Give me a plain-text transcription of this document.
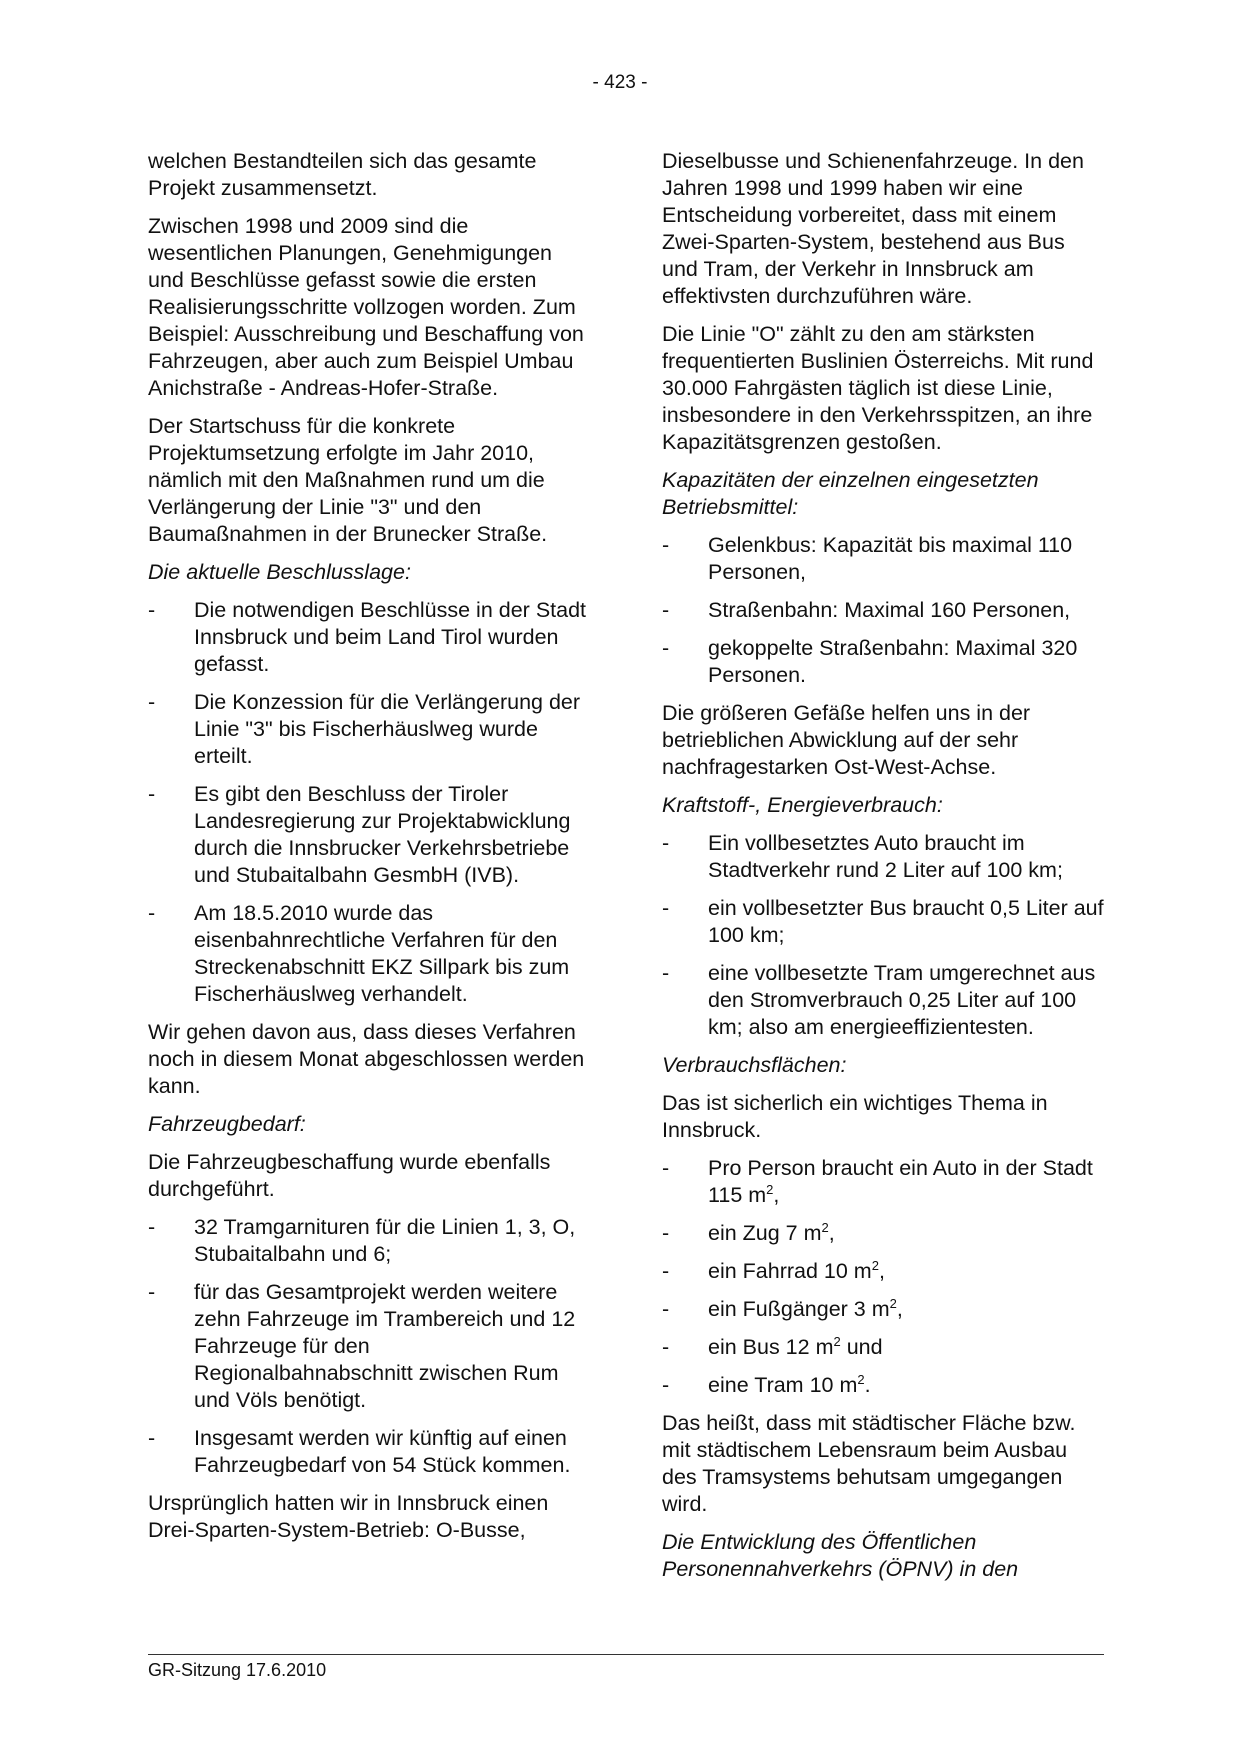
- 423 -

welchen Bestandteilen sich das gesamte Projekt zusammensetzt.

Zwischen 1998 und 2009 sind die wesentlichen Planungen, Genehmigungen und Beschlüsse gefasst sowie die ersten Realisierungsschritte vollzogen worden. Zum Beispiel: Ausschreibung und Beschaffung von Fahrzeugen, aber auch zum Beispiel Umbau Anichstraße - Andreas-Hofer-Straße.

Der Startschuss für die konkrete Projektumsetzung erfolgte im Jahr 2010, nämlich mit den Maßnahmen rund um die Verlängerung der Linie "3" und den Baumaßnahmen in der Brunecker Straße.

Die aktuelle Beschlusslage:

-	Die notwendigen Beschlüsse in der Stadt Innsbruck und beim Land Tirol wurden gefasst.
-	Die Konzession für die Verlängerung der Linie "3" bis Fischerhäuslweg wurde erteilt.
-	Es gibt den Beschluss der Tiroler Landesregierung zur Projektabwicklung durch die Innsbrucker Verkehrsbetriebe und Stubaitalbahn GesmbH (IVB).
-	Am 18.5.2010 wurde das eisenbahnrechtliche Verfahren für den Streckenabschnitt EKZ Sillpark bis zum Fischerhäuslweg verhandelt.

Wir gehen davon aus, dass dieses Verfahren noch in diesem Monat abgeschlossen werden kann.

Fahrzeugbedarf:

Die Fahrzeugbeschaffung wurde ebenfalls durchgeführt.

-	32 Tramgarnituren für die Linien 1, 3, O, Stubaitalbahn und 6;
-	für das Gesamtprojekt werden weitere zehn Fahrzeuge im Trambereich und 12 Fahrzeuge für den Regionalbahnabschnitt zwischen Rum und Völs benötigt.
-	Insgesamt werden wir künftig auf einen Fahrzeugbedarf von 54 Stück kommen.

Ursprünglich hatten wir in Innsbruck einen Drei-Sparten-System-Betrieb: O-Busse,

Dieselbusse und Schienenfahrzeuge. In den Jahren 1998 und 1999 haben wir eine Entscheidung vorbereitet, dass mit einem Zwei-Sparten-System, bestehend aus Bus und Tram, der Verkehr in Innsbruck am effektivsten durchzuführen wäre.

Die Linie "O" zählt zu den am stärksten frequentierten Buslinien Österreichs. Mit rund 30.000 Fahrgästen täglich ist diese Linie, insbesondere in den Verkehrsspitzen, an ihre Kapazitätsgrenzen gestoßen.

Kapazitäten der einzelnen eingesetzten Betriebsmittel:

-	Gelenkbus: Kapazität bis maximal 110 Personen,
-	Straßenbahn: Maximal 160 Personen,
-	gekoppelte Straßenbahn: Maximal 320 Personen.

Die größeren Gefäße helfen uns in der betrieblichen Abwicklung auf der sehr nachfragestarken Ost-West-Achse.

Kraftstoff-, Energieverbrauch:

-	Ein vollbesetztes Auto braucht im Stadtverkehr rund 2 Liter auf 100 km;
-	ein vollbesetzter Bus braucht 0,5 Liter auf 100 km;
-	eine vollbesetzte Tram umgerechnet aus den Stromverbrauch 0,25 Liter auf 100 km; also am energieeffizientesten.

Verbrauchsflächen:

Das ist sicherlich ein wichtiges Thema in Innsbruck.

-	Pro Person braucht ein Auto in der Stadt 115 $m^2$,
-	ein Zug 7 $m^2$,
-	ein Fahrrad 10 $m^2$,
-	ein Fußgänger 3 $m^2$,
-	ein Bus 12 $m^2$ und
-	eine Tram 10 $m^2$.

Das heißt, dass mit städtischer Fläche bzw. mit städtischem Lebensraum beim Ausbau des Tramsystems behutsam umgegangen wird.

Die Entwicklung des Öffentlichen Personennahverkehrs (ÖPNV) in den

GR-Sitzung 17.6.2010
